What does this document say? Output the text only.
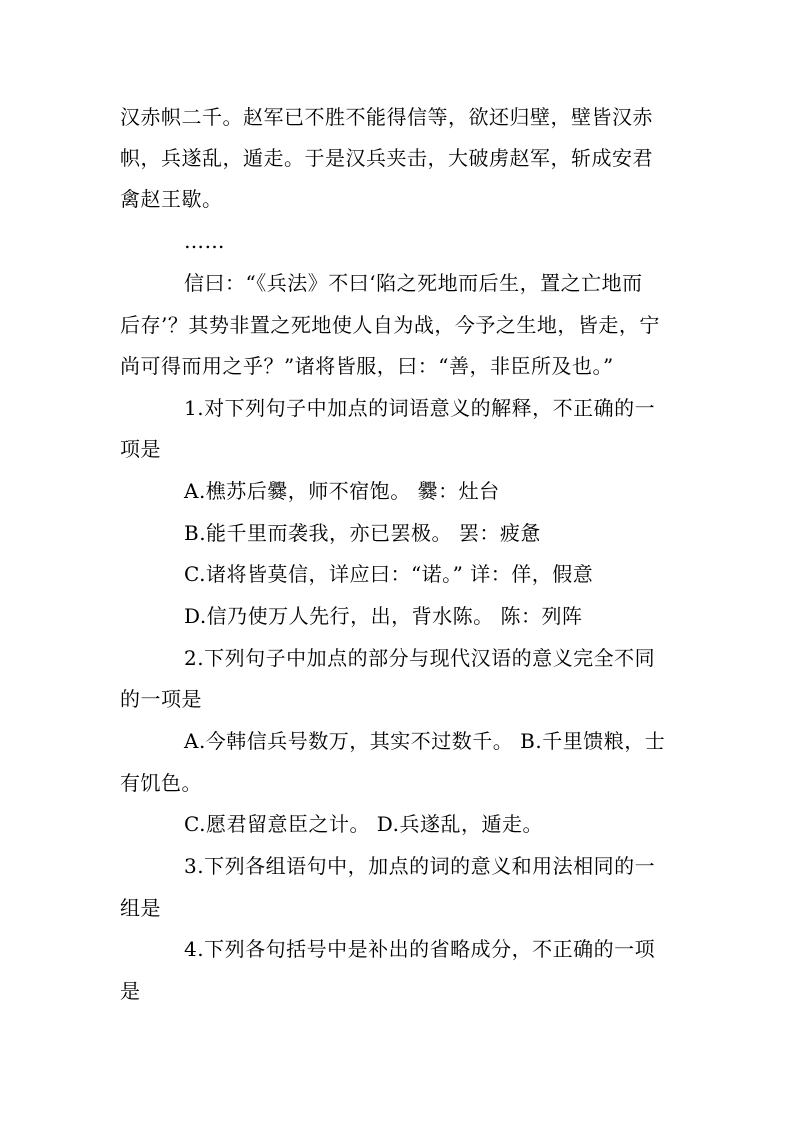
汉赤帜二千。赵军已不胜不能得信等，欲还归壁，壁皆汉赤
帜，兵遂乱，遁走。于是汉兵夹击，大破虏赵军，斩成安君
禽赵王歇。
……
信曰：“《兵法》不曰‘陷之死地而后生，置之亡地而
后存’？其势非置之死地使人自为战，今予之生地，皆走，宁
尚可得而用之乎？”诸将皆服，曰：“善，非臣所及也。”
1.对下列句子中加点的词语意义的解释，不正确的一
项是
A.樵苏后爨，师不宿饱。 爨：灶台
B.能千里而袭我，亦已罢极。 罢：疲惫
C.诸将皆莫信，详应曰：“诺。” 详：佯，假意
D.信乃使万人先行，出，背水陈。 陈：列阵
2.下列句子中加点的部分与现代汉语的意义完全不同
的一项是
A.今韩信兵号数万，其实不过数千。 B.千里馈粮，士
有饥色。
C.愿君留意臣之计。 D.兵遂乱，遁走。
3.下列各组语句中，加点的词的意义和用法相同的一
组是
4.下列各句括号中是补出的省略成分，不正确的一项
是
